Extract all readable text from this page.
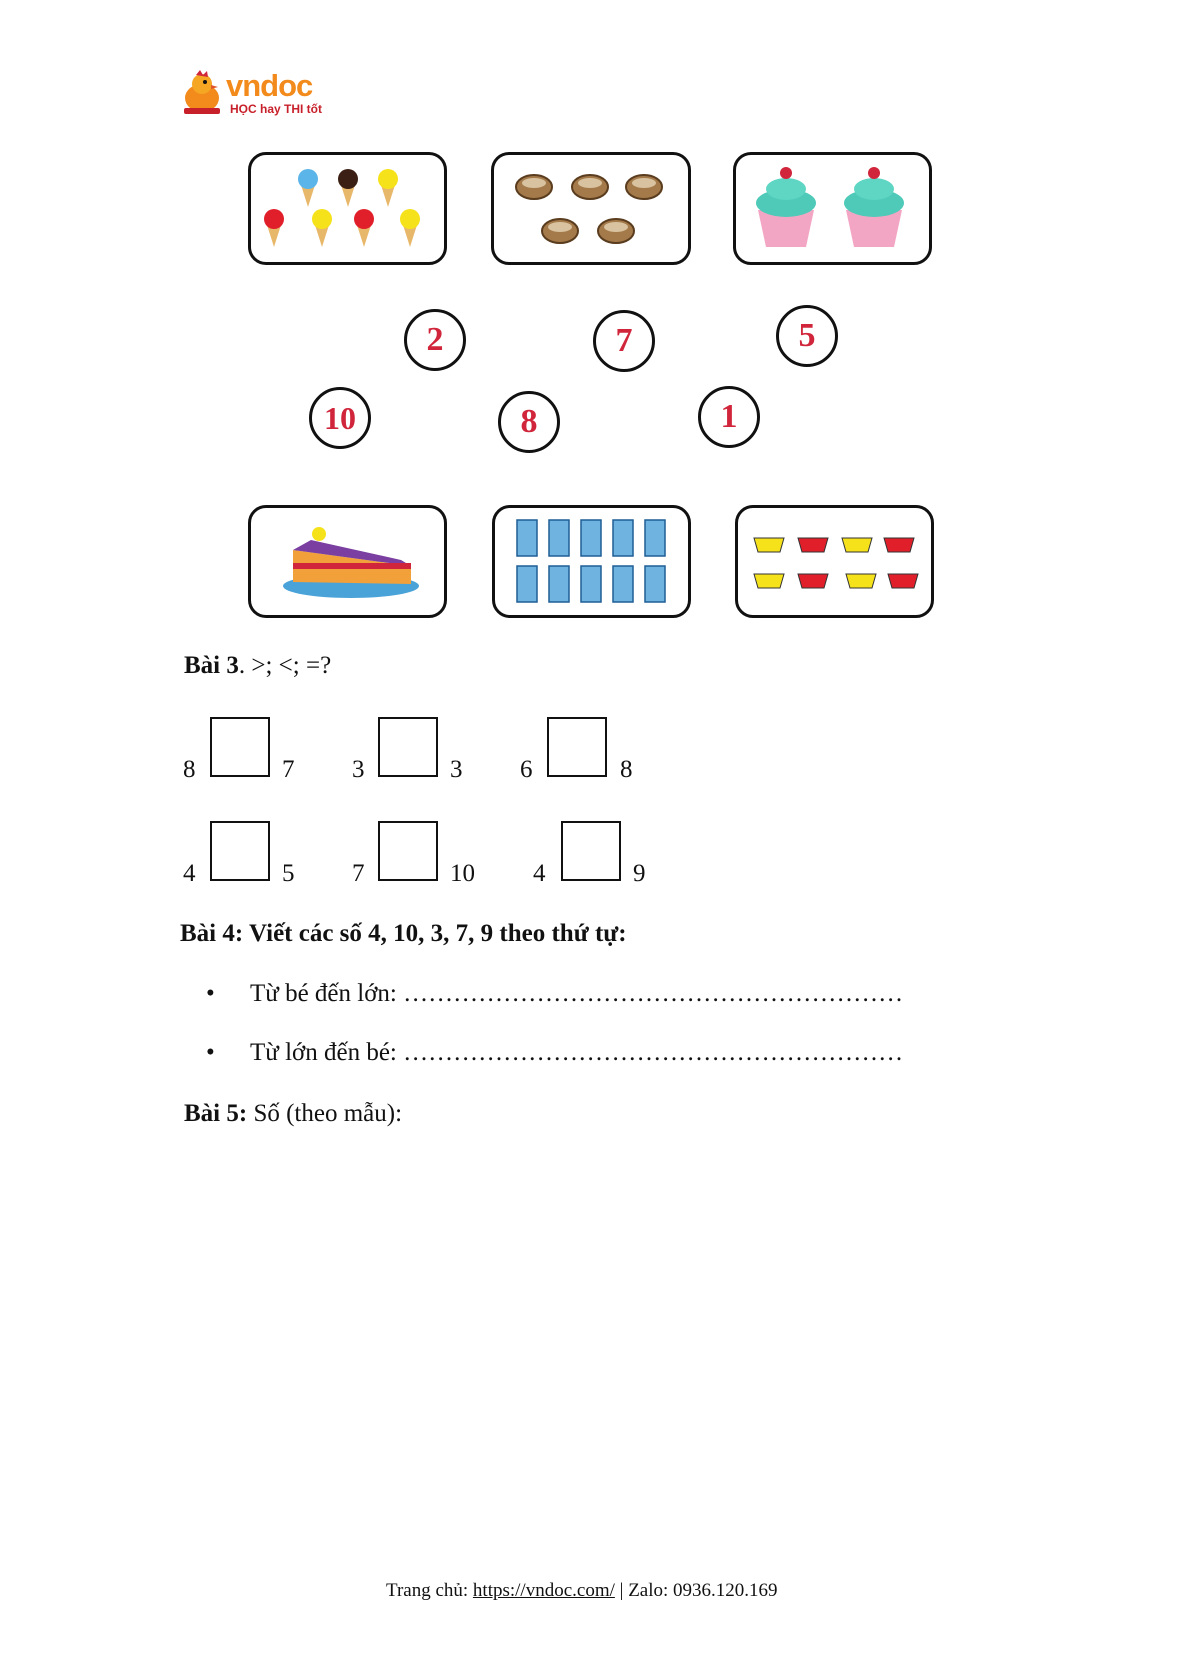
vndoc
HỌC hay THI tốt
2	7	5
10	8	1
Bài 3. >; <; =?
8	7 3	3 6	8
4	5 7	10 4	9
Bài 4: Viết các số 4, 10, 3, 7, 9 theo thứ tự:
• Từ bé đến lớn: ……………………………………………………
• Từ lớn đến bé: ……………………………………………………
Bài 5: Số (theo mẫu):
Trang chủ: https://vndoc.com/ | Zalo: 0936.120.169
